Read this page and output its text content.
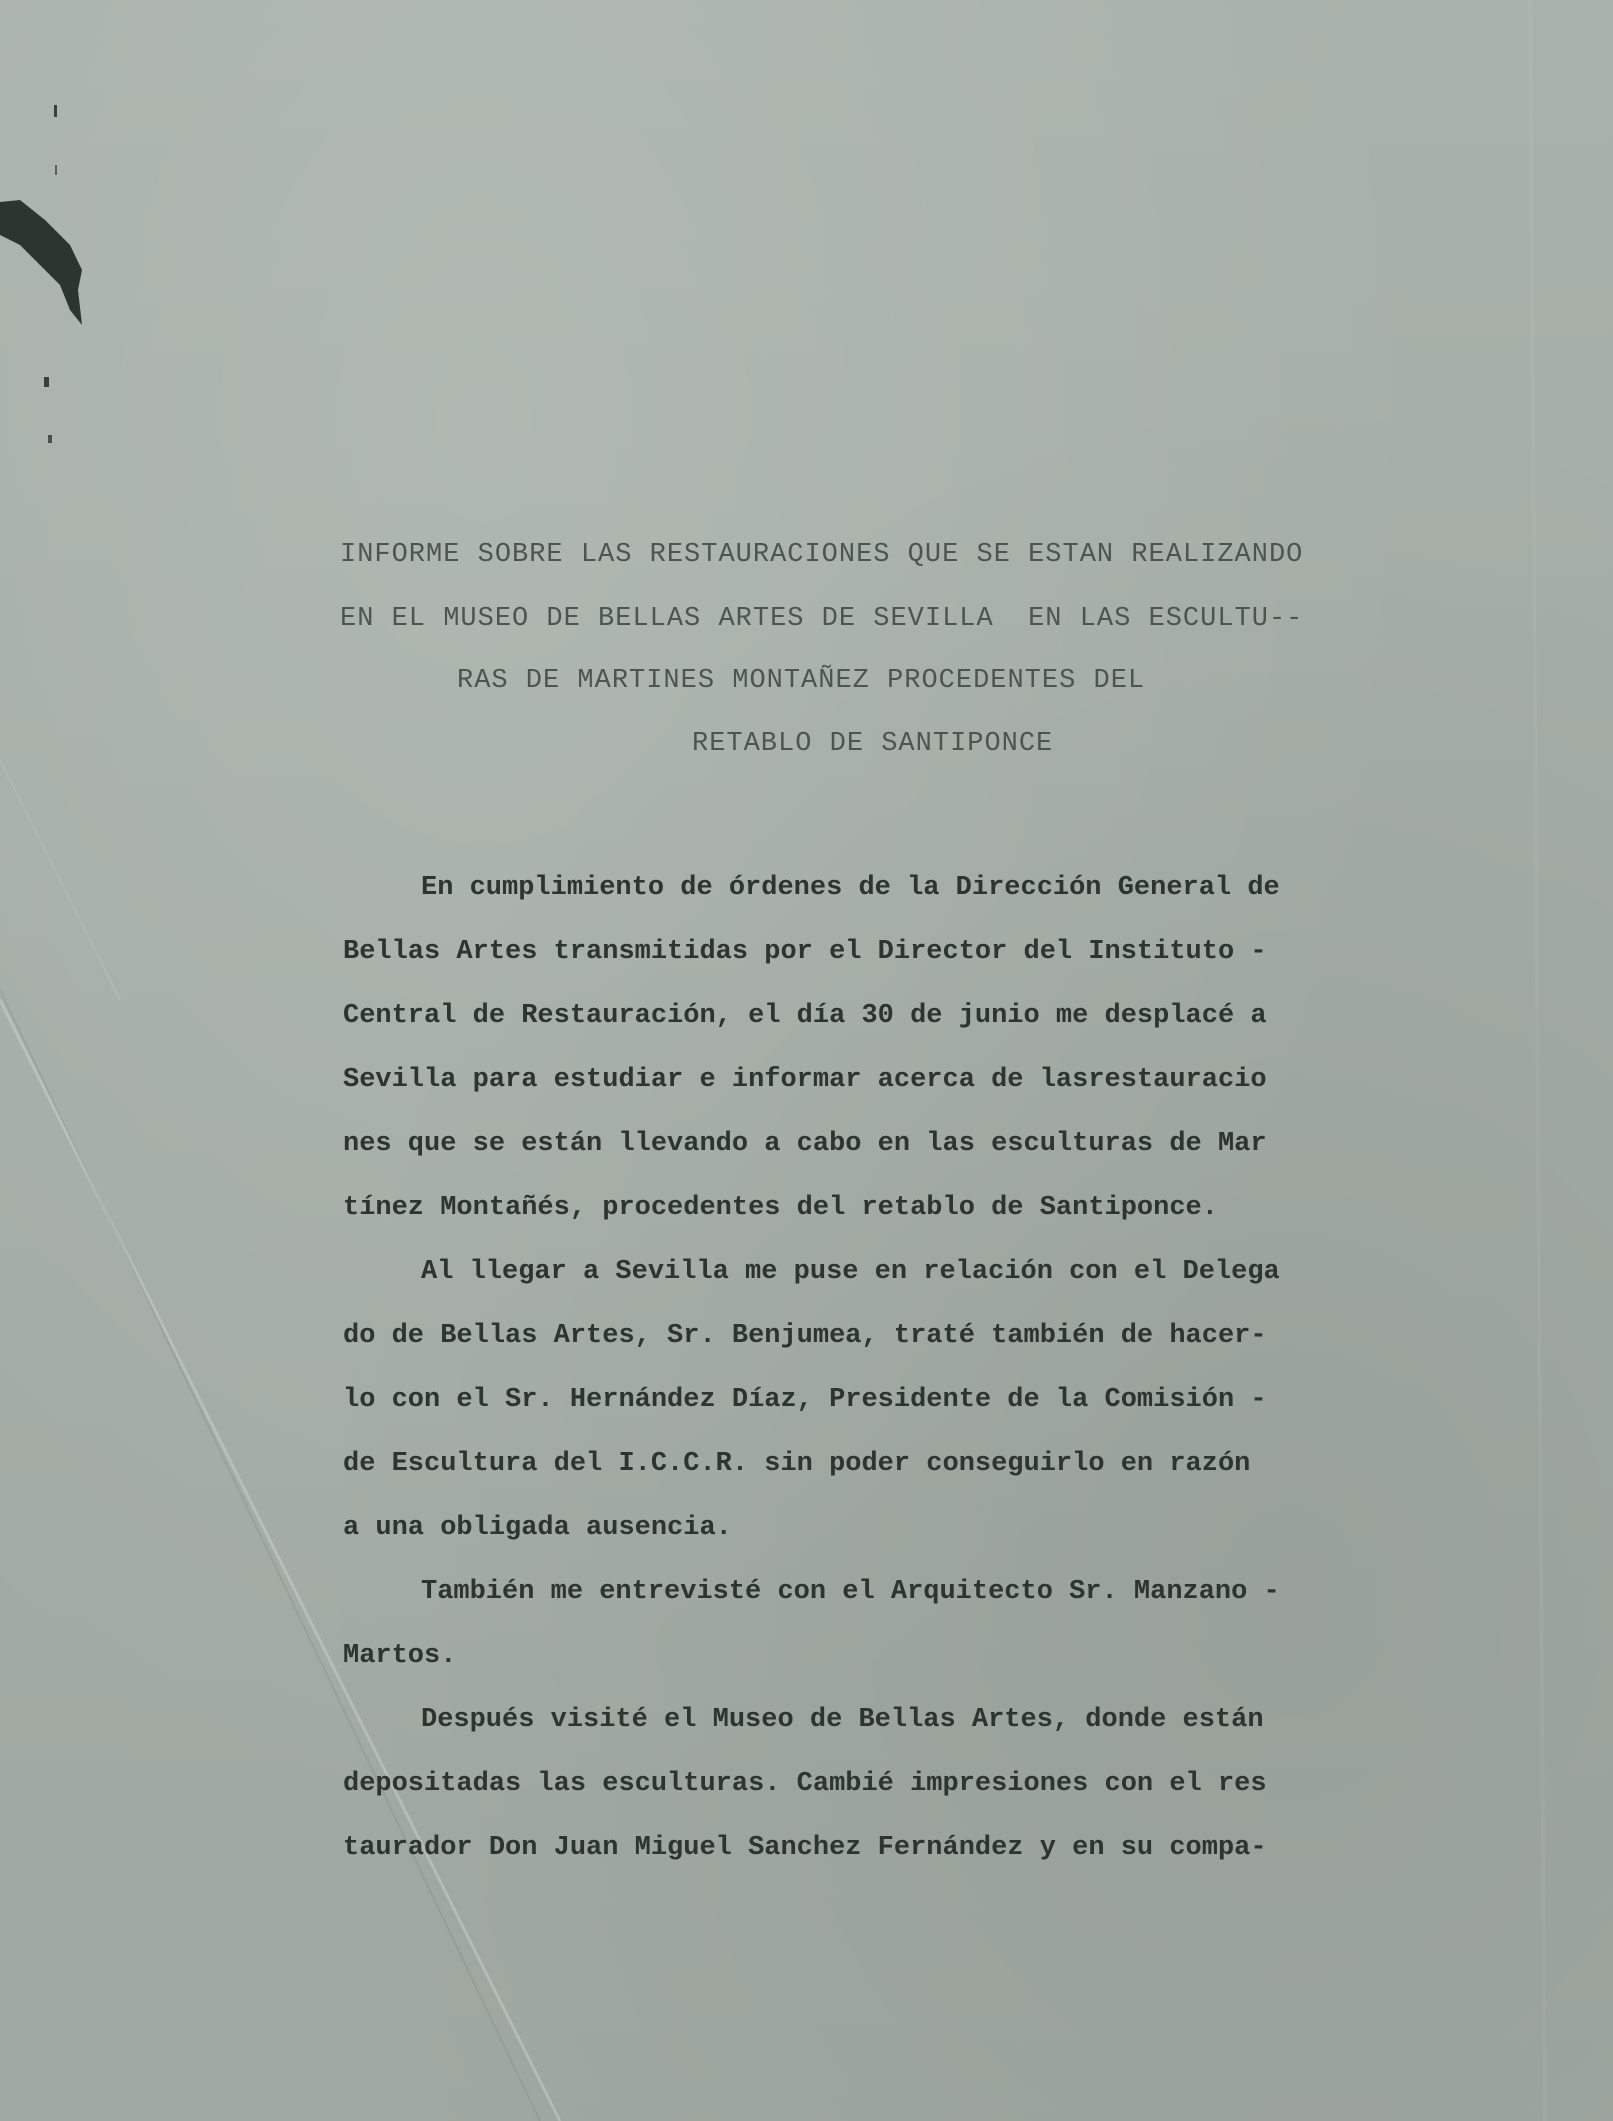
INFORME SOBRE LAS RESTAURACIONES QUE SE ESTAN REALIZANDO

EN EL MUSEO DE BELLAS ARTES DE SEVILLA  EN LAS ESCULTU--

RAS DE MARTINES MONTAÑEZ PROCEDENTES DEL

RETABLO DE SANTIPONCE

En cumplimiento de órdenes de la Dirección General de

Bellas Artes transmitidas por el Director del Instituto -

Central de Restauración, el día 30 de junio me desplacé a

Sevilla para estudiar e informar acerca de lasrestauracio

nes que se están llevando a cabo en las esculturas de Mar

tínez Montañés, procedentes del retablo de Santiponce.

Al llegar a Sevilla me puse en relación con el Delega

do de Bellas Artes, Sr. Benjumea, traté también de hacer-

lo con el Sr. Hernández Díaz, Presidente de la Comisión -

de Escultura del I.C.C.R. sin poder conseguirlo en razón

a una obligada ausencia.

También me entrevisté con el Arquitecto Sr. Manzano -

Martos.

Después visité el Museo de Bellas Artes, donde están

depositadas las esculturas. Cambié impresiones con el res

taurador Don Juan Miguel Sanchez Fernández y en su compa-
